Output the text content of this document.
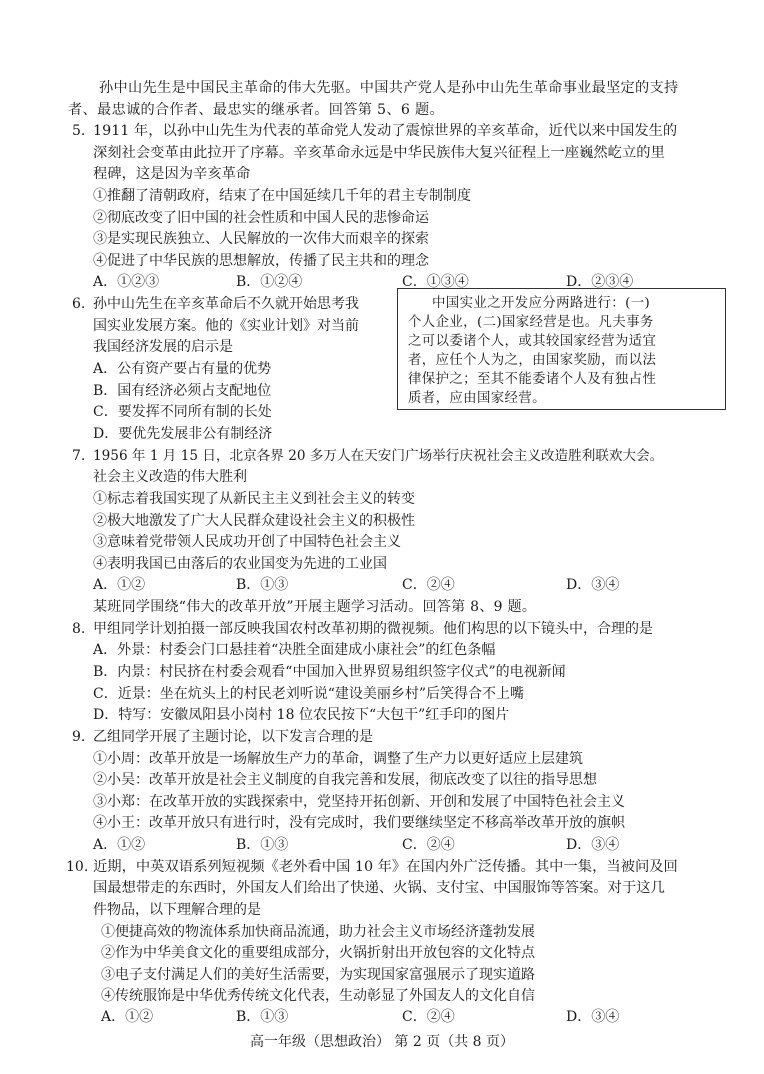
孙中山先生是中国民主革命的伟大先驱。中国共产党人是孙中山先生革命事业最坚定的支持
者、最忠诚的合作者、最忠实的继承者。回答第 5、6 题。
5. 1911 年，以孙中山先生为代表的革命党人发动了震惊世界的辛亥革命，近代以来中国发生的
深刻社会变革由此拉开了序幕。辛亥革命永远是中华民族伟大复兴征程上一座巍然屹立的里
程碑，这是因为辛亥革命
①推翻了清朝政府，结束了在中国延续几千年的君主专制制度
②彻底改变了旧中国的社会性质和中国人民的悲惨命运
③是实现民族独立、人民解放的一次伟大而艰辛的探索
④促进了中华民族的思想解放，传播了民主共和的理念
A．①②③	B．①②④	C．①③④	D．②③④
6. 孙中山先生在辛亥革命后不久就开始思考我
国实业发展方案。他的《实业计划》对当前
我国经济发展的启示是
A．公有资产要占有量的优势
B．国有经济必须占支配地位
C．要发挥不同所有制的长处
D．要优先发展非公有制经济
中国实业之开发应分两路进行：(一)
个人企业，(二)国家经营是也。凡夫事务
之可以委诸个人，或其较国家经营为适宜
者，应任个人为之，由国家奖励，而以法
律保护之；至其不能委诸个人及有独占性
质者，应由国家经营。
7. 1956 年 1 月 15 日，北京各界 20 多万人在天安门广场举行庆祝社会主义改造胜利联欢大会。
社会主义改造的伟大胜利
①标志着我国实现了从新民主主义到社会主义的转变
②极大地激发了广大人民群众建设社会主义的积极性
③意味着党带领人民成功开创了中国特色社会主义
④表明我国已由落后的农业国变为先进的工业国
A．①②	B．①③	C．②④	D．③④
某班同学围绕“伟大的改革开放”开展主题学习活动。回答第 8、9 题。
8. 甲组同学计划拍摄一部反映我国农村改革初期的微视频。他们构思的以下镜头中，合理的是
A．外景：村委会门口悬挂着“决胜全面建成小康社会”的红色条幅
B．内景：村民挤在村委会观看“中国加入世界贸易组织签字仪式”的电视新闻
C．近景：坐在炕头上的村民老刘听说“建设美丽乡村”后笑得合不上嘴
D．特写：安徽凤阳县小岗村 18 位农民按下“大包干”红手印的图片
9. 乙组同学开展了主题讨论，以下发言合理的是
①小周：改革开放是一场解放生产力的革命，调整了生产力以更好适应上层建筑
②小吴：改革开放是社会主义制度的自我完善和发展，彻底改变了以往的指导思想
③小郑：在改革开放的实践探索中，党坚持开拓创新、开创和发展了中国特色社会主义
④小王：改革开放只有进行时，没有完成时，我们要继续坚定不移高举改革开放的旗帜
A．①②	B．①③	C．②④	D．③④
10. 近期，中英双语系列短视频《老外看中国 10 年》在国内外广泛传播。其中一集，当被问及回
国最想带走的东西时，外国友人们给出了快递、火锅、支付宝、中国服饰等答案。对于这几
件物品，以下理解合理的是
①便捷高效的物流体系加快商品流通，助力社会主义市场经济蓬勃发展
②作为中华美食文化的重要组成部分，火锅折射出开放包容的文化特点
③电子支付满足人们的美好生活需要，为实现国家富强展示了现实道路
④传统服饰是中华优秀传统文化代表，生动彰显了外国友人的文化自信
A．①②	B．①③	C．②④	D．③④
高一年级（思想政治） 第 2 页（共 8 页）
